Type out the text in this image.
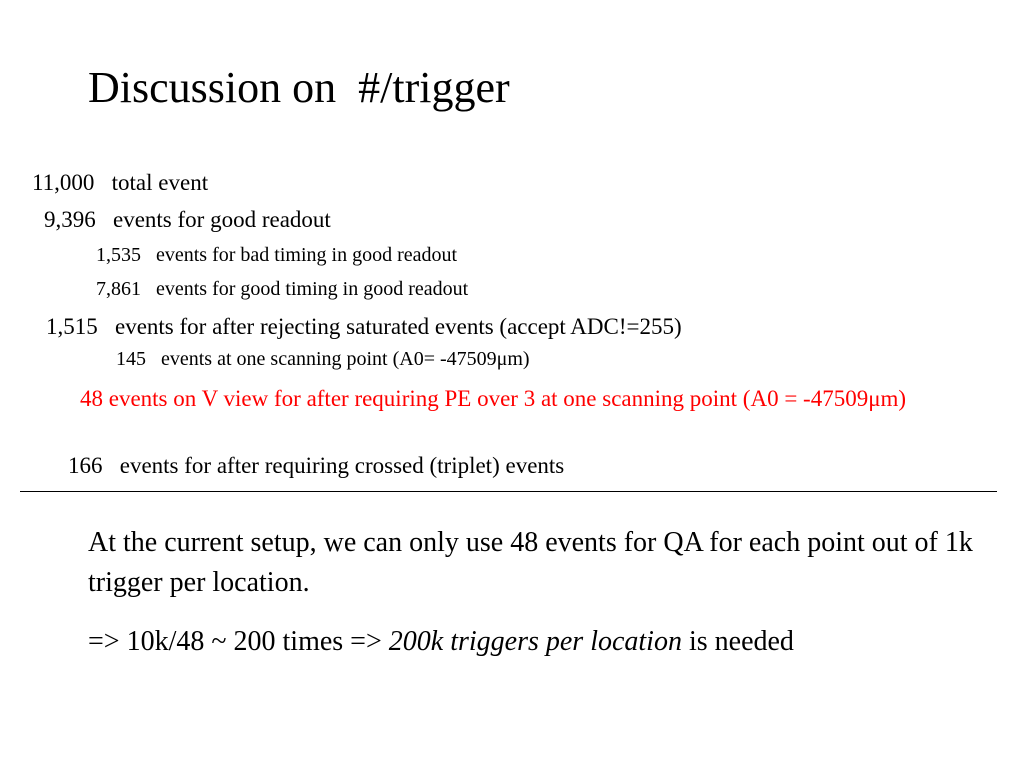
Discussion on  #/trigger
11,000 total event
9,396 events for good readout
1,535 events for bad timing in good readout
7,861 events for good timing in good readout
1,515 events for after rejecting saturated events (accept ADC!=255)
145 events at one scanning point (A0= -47509μm)
48 events on V view for after requiring PE over 3 at one scanning point (A0 = -47509μm)
166 events for after requiring crossed (triplet) events
At the current setup, we can only use 48 events for QA for each point out of 1k trigger per location.
=> 10k/48 ~ 200 times => 200k triggers per location is needed
